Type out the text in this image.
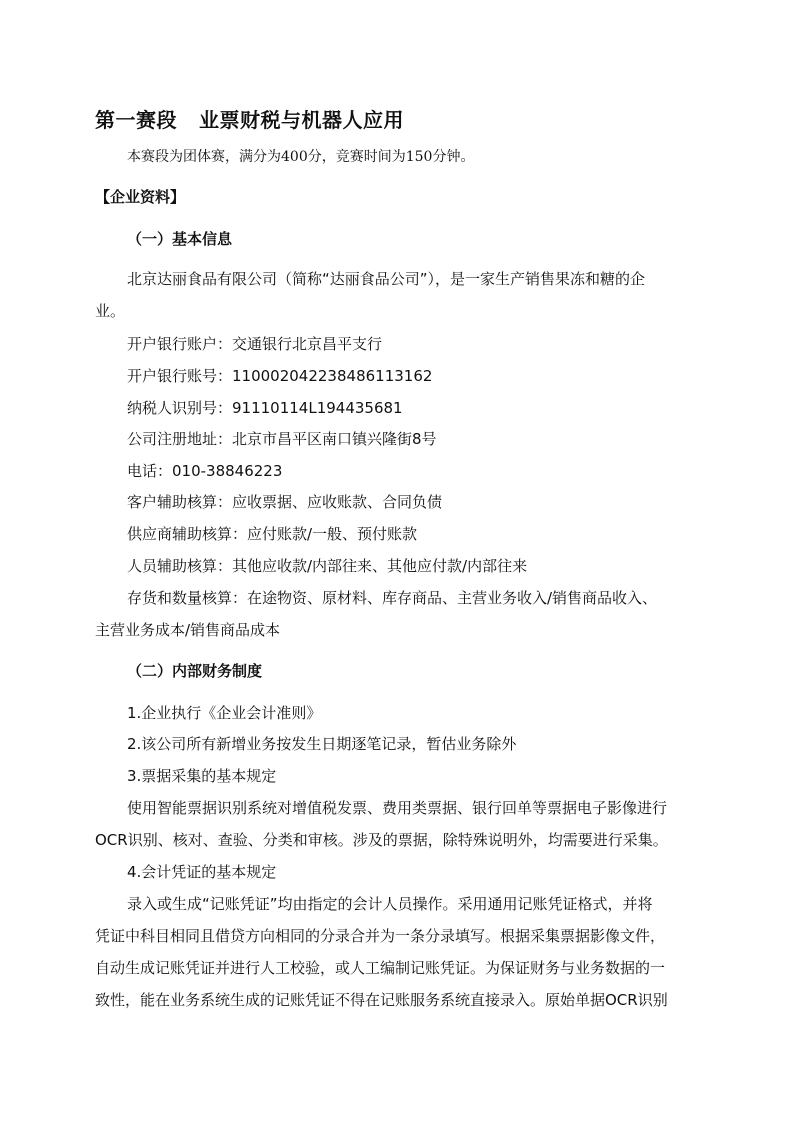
第一赛段 业票财税与机器人应用
本赛段为团体赛，满分为400分，竞赛时间为150分钟。
【企业资料】
（一）基本信息
北京达丽食品有限公司（简称“达丽食品公司”），是一家生产销售果冻和糖的企
业。
开户银行账户：交通银行北京昌平支行
开户银行账号：110002042238486113162
纳税人识别号：91110114L194435681
公司注册地址：北京市昌平区南口镇兴隆街8号
电话：010-38846223
客户辅助核算：应收票据、应收账款、合同负债
供应商辅助核算：应付账款/一般、预付账款
人员辅助核算：其他应收款/内部往来、其他应付款/内部往来
存货和数量核算：在途物资、原材料、库存商品、主营业务收入/销售商品收入、
主营业务成本/销售商品成本
（二）内部财务制度
1.企业执行《企业会计准则》
2.该公司所有新增业务按发生日期逐笔记录，暂估业务除外
3.票据采集的基本规定
使用智能票据识别系统对增值税发票、费用类票据、银行回单等票据电子影像进行
OCR识别、核对、查验、分类和审核。涉及的票据，除特殊说明外，均需要进行采集。
4.会计凭证的基本规定
录入或生成“记账凭证”均由指定的会计人员操作。采用通用记账凭证格式，并将
凭证中科目相同且借贷方向相同的分录合并为一条分录填写。根据采集票据影像文件，
自动生成记账凭证并进行人工校验，或人工编制记账凭证。为保证财务与业务数据的一
致性，能在业务系统生成的记账凭证不得在记账服务系统直接录入。原始单据OCR识别
